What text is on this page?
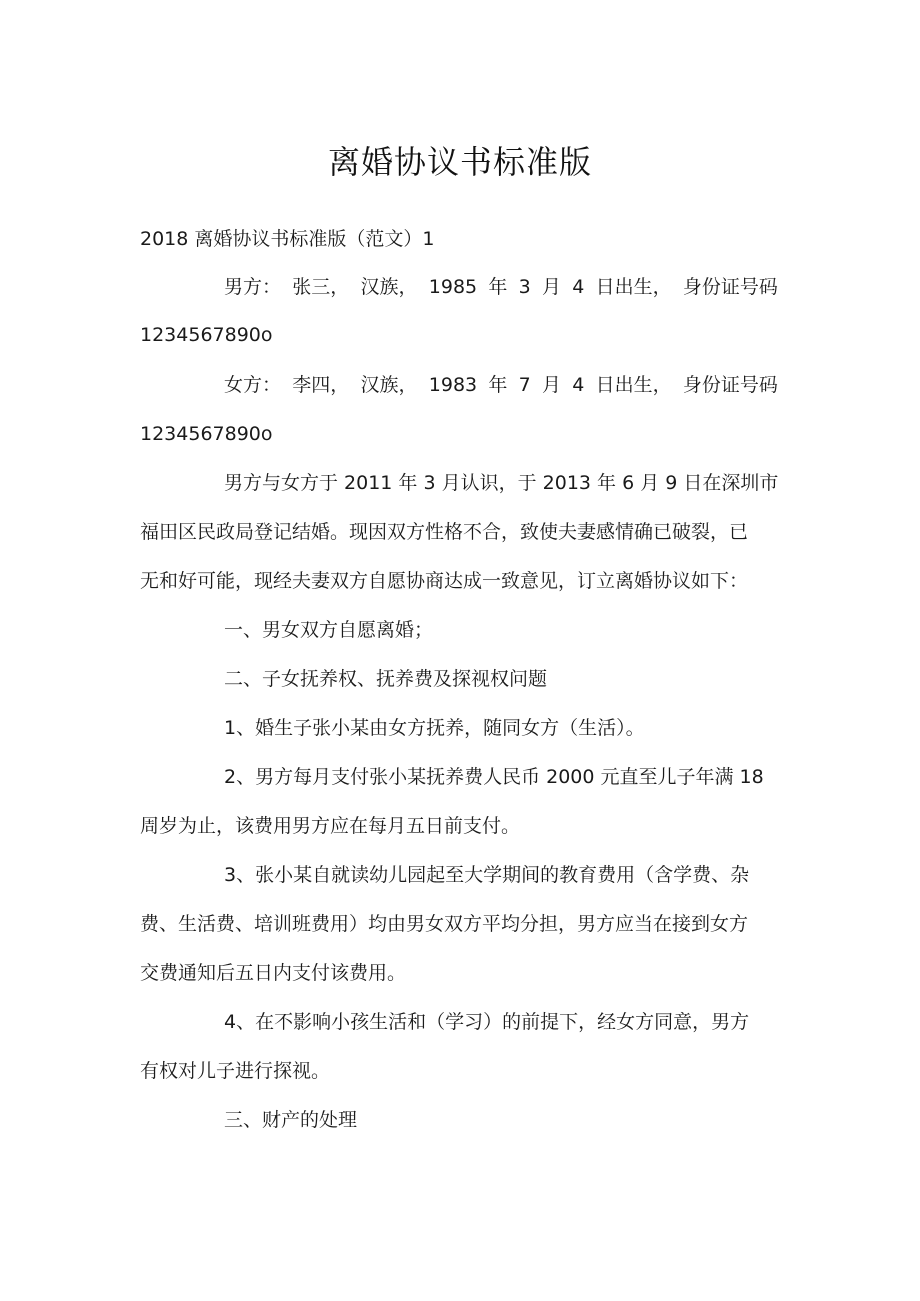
离婚协议书标准版

2018 离婚协议书标准版（范文）1

男方： 张三， 汉族， 1985 年 3 月 4 日出生， 身份证号码

1234567890o

女方： 李四， 汉族， 1983 年 7 月 4 日出生， 身份证号码

1234567890o

男方与女方于 2011 年 3 月认识，于 2013 年 6 月 9 日在深圳市

福田区民政局登记结婚。现因双方性格不合，致使夫妻感情确已破裂，已

无和好可能，现经夫妻双方自愿协商达成一致意见，订立离婚协议如下：

一、男女双方自愿离婚；

二、子女抚养权、抚养费及探视权问题

1、婚生子张小某由女方抚养，随同女方（生活）。

2、男方每月支付张小某抚养费人民币 2000 元直至儿子年满 18

周岁为止，该费用男方应在每月五日前支付。

3、张小某自就读幼儿园起至大学期间的教育费用（含学费、杂

费、生活费、培训班费用）均由男女双方平均分担，男方应当在接到女方

交费通知后五日内支付该费用。

4、在不影响小孩生活和（学习）的前提下，经女方同意，男方

有权对儿子进行探视。

三、财产的处理
